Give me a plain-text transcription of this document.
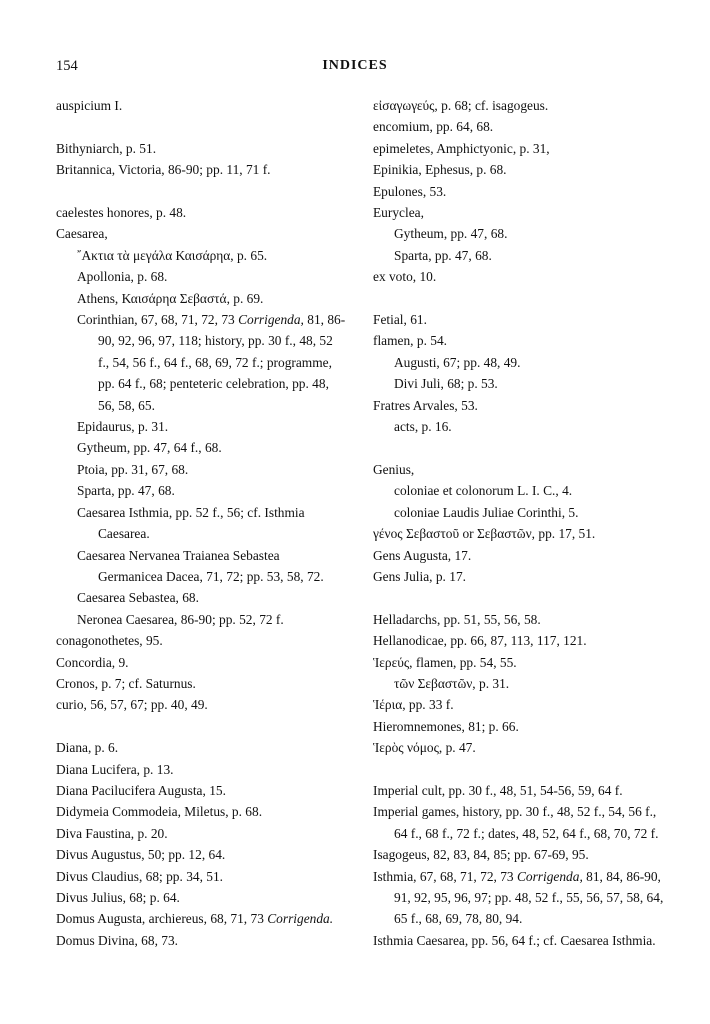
154	INDICES
auspicium I.
Bithyniarch, p. 51.
Britannica, Victoria, 86-90; pp. 11, 71 f.
caelestes honores, p. 48.
Caesarea,
῎Ακτια τὰ μεγάλα Καισάρηα, p. 65.
Apollonia, p. 68.
Athens, Καισάρηα Σεβαστά, p. 69.
Corinthian, 67, 68, 71, 72, 73 Corrigenda, 81, 86-90, 92, 96, 97, 118; history, pp. 30 f., 48, 52 f., 54, 56 f., 64 f., 68, 69, 72 f.; programme, pp. 64 f., 68; penteteric celebration, pp. 48, 56, 58, 65.
Epidaurus, p. 31.
Gytheum, pp. 47, 64 f., 68.
Ptoia, pp. 31, 67, 68.
Sparta, pp. 47, 68.
Caesarea Isthmia, pp. 52 f., 56; cf. Isthmia Caesarea.
Caesarea Nervanea Traianea Sebastea Germanicea Dacea, 71, 72; pp. 53, 58, 72.
Caesarea Sebastea, 68.
Neronea Caesarea, 86-90; pp. 52, 72 f.
conagonothetes, 95.
Concordia, 9.
Cronos, p. 7; cf. Saturnus.
curio, 56, 57, 67; pp. 40, 49.
Diana, p. 6.
Diana Lucifera, p. 13.
Diana Pacilucifera Augusta, 15.
Didymeia Commodeia, Miletus, p. 68.
Diva Faustina, p. 20.
Divus Augustus, 50; pp. 12, 64.
Divus Claudius, 68; pp. 34, 51.
Divus Julius, 68; p. 64.
Domus Augusta, archiereus, 68, 71, 73 Corrigenda.
Domus Divina, 68, 73.
εἰσαγωγεύς, p. 68; cf. isagogeus.
encomium, pp. 64, 68.
epimeletes, Amphictyonic, p. 31,
Epinikia, Ephesus, p. 68.
Epulones, 53.
Euryclea,
Gytheum, pp. 47, 68.
Sparta, pp. 47, 68.
ex voto, 10.
Fetial, 61.
flamen, p. 54.
Augusti, 67; pp. 48, 49.
Divi Juli, 68; p. 53.
Fratres Arvales, 53.
acts, p. 16.
Genius,
coloniae et colonorum L. I. C., 4.
coloniae Laudis Juliae Corinthi, 5.
γένος Σεβαστοῦ or Σεβαστῶν, pp. 17, 51.
Gens Augusta, 17.
Gens Julia, p. 17.
Helladarchs, pp. 51, 55, 56, 58.
Hellanodicae, pp. 66, 87, 113, 117, 121.
Ἱερεύς, flamen, pp. 54, 55.
τῶν Σεβαστῶν, p. 31.
Ἱέρια, pp. 33 f.
Hieromnemones, 81; p. 66.
Ἱερὸς νόμος, p. 47.
Imperial cult, pp. 30 f., 48, 51, 54-56, 59, 64 f.
Imperial games, history, pp. 30 f., 48, 52 f., 54, 56 f., 64 f., 68 f., 72 f.; dates, 48, 52, 64 f., 68, 70, 72 f.
Isagogeus, 82, 83, 84, 85; pp. 67-69, 95.
Isthmia, 67, 68, 71, 72, 73 Corrigenda, 81, 84, 86-90, 91, 92, 95, 96, 97; pp. 48, 52 f., 55, 56, 57, 58, 64, 65 f., 68, 69, 78, 80, 94.
Isthmia Caesarea, pp. 56, 64 f.; cf. Caesarea Isthmia.
